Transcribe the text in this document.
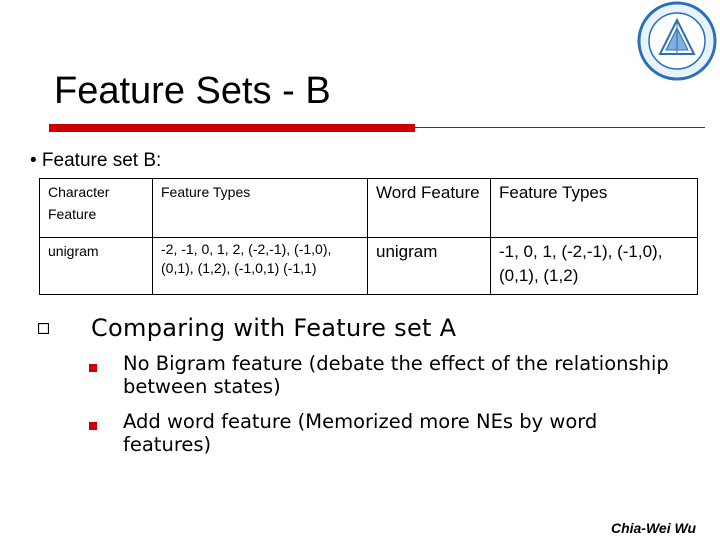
Feature Sets - B
• Feature set B:
Character Feature	Feature Types	Word Feature	Feature Types

unigram	-2, -1, 0, 1, 2, (-2,-1), (-1,0), (0,1), (1,2), (-1,0,1) (-1,1)	unigram	-1, 0, 1, (-2,-1), (-1,0), (0,1), (1,2)
Comparing with Feature set A
No Bigram feature (debate the effect of the relationship between states)
Add word feature (Memorized more NEs by word features)
Chia-Wei Wu
